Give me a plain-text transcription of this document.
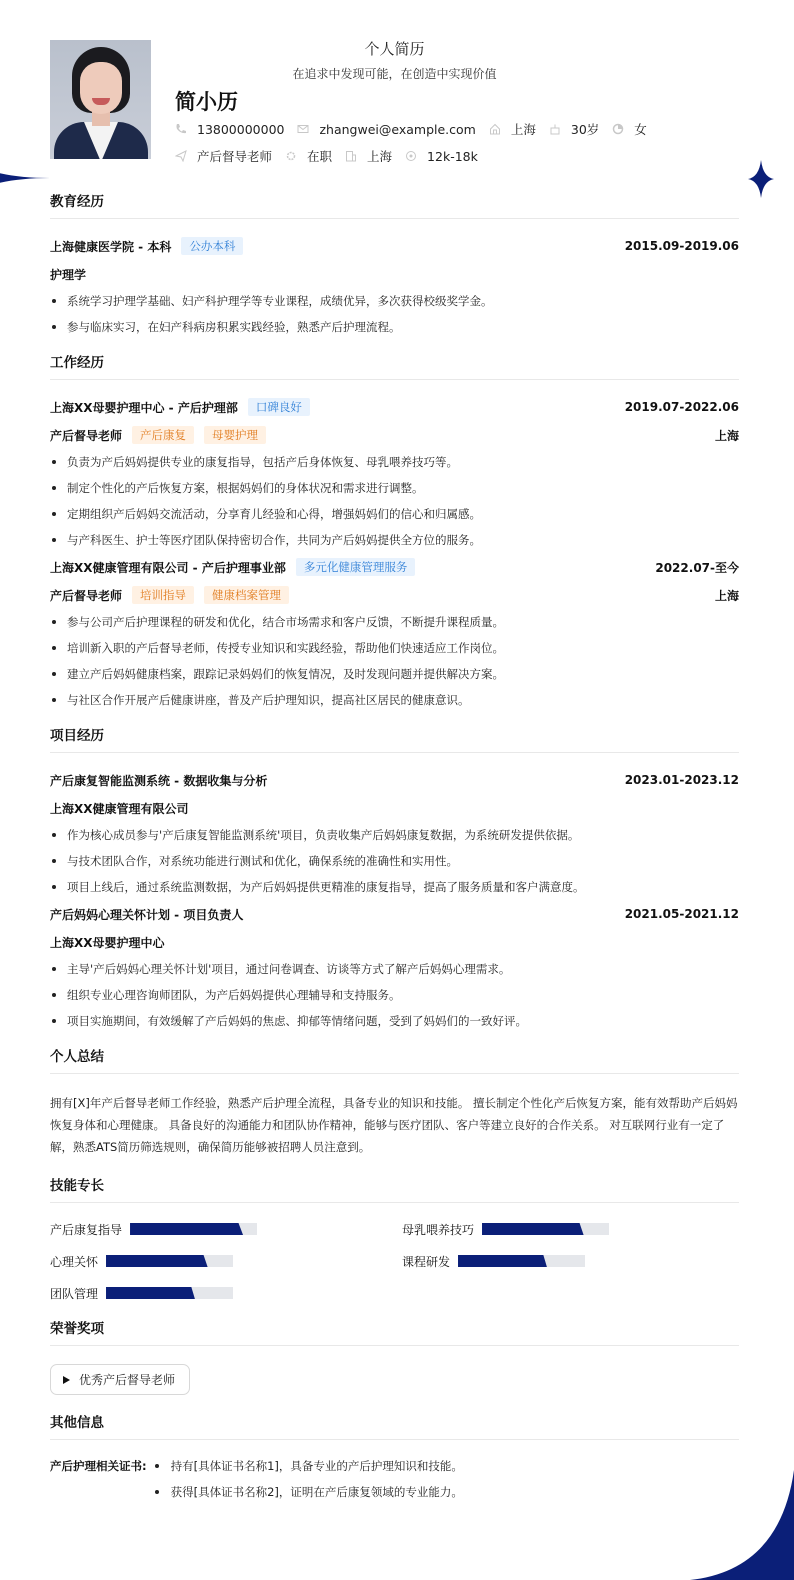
个人简历
在追求中发现可能，在创造中实现价值
简小历
13800000000	zhangwei@example.com	上海	30岁	女
产后督导老师	在职	上海	12k-18k
教育经历
上海健康医学院 - 本科	公办本科	2015.09-2019.06
护理学
系统学习护理学基础、妇产科护理学等专业课程，成绩优异，多次获得校级奖学金。
参与临床实习，在妇产科病房积累实践经验，熟悉产后护理流程。
工作经历
上海XX母婴护理中心 - 产后护理部	口碑良好	2019.07-2022.06
产后督导老师	产后康复	母婴护理	上海
负责为产后妈妈提供专业的康复指导，包括产后身体恢复、母乳喂养技巧等。
制定个性化的产后恢复方案，根据妈妈们的身体状况和需求进行调整。
定期组织产后妈妈交流活动，分享育儿经验和心得，增强妈妈们的信心和归属感。
与产科医生、护士等医疗团队保持密切合作，共同为产后妈妈提供全方位的服务。
上海XX健康管理有限公司 - 产后护理事业部	多元化健康管理服务	2022.07-至今
产后督导老师	培训指导	健康档案管理	上海
参与公司产后护理课程的研发和优化，结合市场需求和客户反馈，不断提升课程质量。
培训新入职的产后督导老师，传授专业知识和实践经验，帮助他们快速适应工作岗位。
建立产后妈妈健康档案，跟踪记录妈妈们的恢复情况，及时发现问题并提供解决方案。
与社区合作开展产后健康讲座，普及产后护理知识，提高社区居民的健康意识。
项目经历
产后康复智能监测系统 - 数据收集与分析	2023.01-2023.12
上海XX健康管理有限公司
作为核心成员参与'产后康复智能监测系统'项目，负责收集产后妈妈康复数据，为系统研发提供依据。
与技术团队合作，对系统功能进行测试和优化，确保系统的准确性和实用性。
项目上线后，通过系统监测数据，为产后妈妈提供更精准的康复指导，提高了服务质量和客户满意度。
产后妈妈心理关怀计划 - 项目负责人	2021.05-2021.12
上海XX母婴护理中心
主导'产后妈妈心理关怀计划'项目，通过问卷调查、访谈等方式了解产后妈妈心理需求。
组织专业心理咨询师团队，为产后妈妈提供心理辅导和支持服务。
项目实施期间，有效缓解了产后妈妈的焦虑、抑郁等情绪问题，受到了妈妈们的一致好评。
个人总结
拥有[X]年产后督导老师工作经验，熟悉产后护理全流程，具备专业的知识和技能。 擅长制定个性化产后恢复方案，能有效帮助产后妈妈恢复身体和心理健康。 具备良好的沟通能力和团队协作精神，能够与医疗团队、客户等建立良好的合作关系。 对互联网行业有一定了解，熟悉ATS简历筛选规则，确保简历能够被招聘人员注意到。
技能专长
产后康复指导	母乳喂养技巧
心理关怀	课程研发
团队管理
荣誉奖项
优秀产后督导老师
其他信息
产后护理相关证书:	持有[具体证书名称1]，具备专业的产后护理知识和技能。
获得[具体证书名称2]，证明在产后康复领域的专业能力。
